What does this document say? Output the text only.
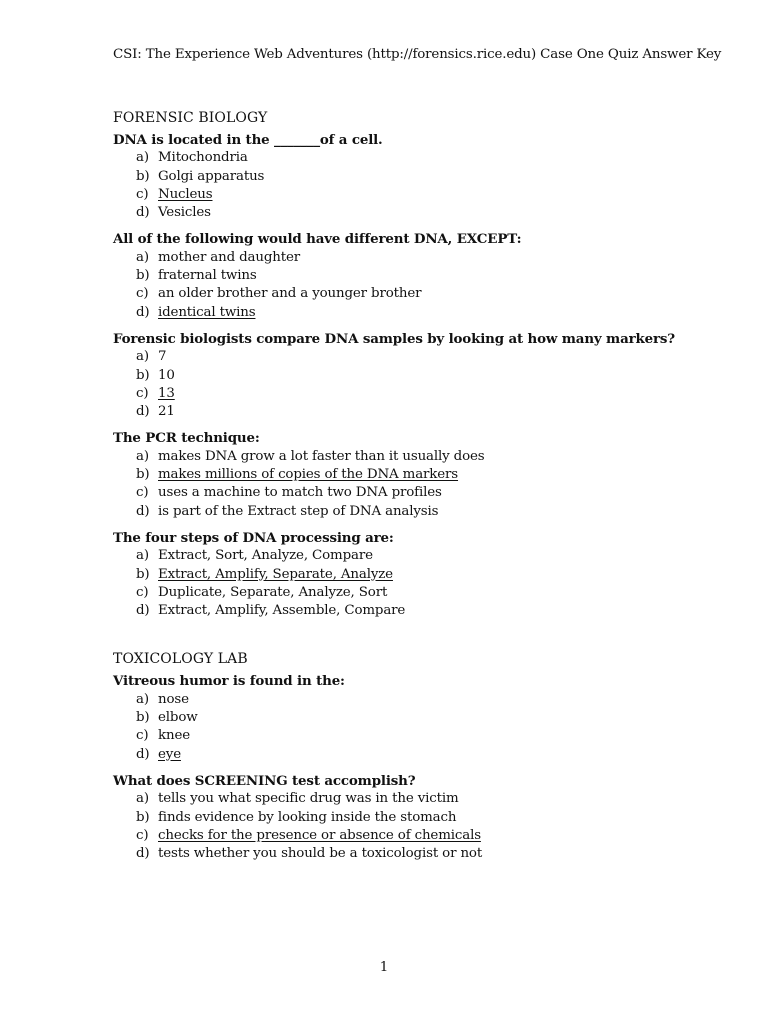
CSI: The Experience Web Adventures (http://forensics.rice.edu) Case One Quiz Answer Key
FORENSIC BIOLOGY
DNA is located in the _______of a cell.
a) Mitochondria
b) Golgi apparatus
c) Nucleus
d) Vesicles
All of the following would have different DNA, EXCEPT:
a) mother and daughter
b) fraternal twins
c) an older brother and a younger brother
d) identical twins
Forensic biologists compare DNA samples by looking at how many markers?
a) 7
b) 10
c) 13
d) 21
The PCR technique:
a) makes DNA grow a lot faster than it usually does
b) makes millions of copies of the DNA markers
c) uses a machine to match two DNA profiles
d) is part of the Extract step of DNA analysis
The four steps of DNA processing are:
a) Extract, Sort, Analyze, Compare
b) Extract, Amplify, Separate, Analyze
c) Duplicate, Separate, Analyze, Sort
d) Extract, Amplify, Assemble, Compare
TOXICOLOGY LAB
Vitreous humor is found in the:
a) nose
b) elbow
c) knee
d) eye
What does SCREENING test accomplish?
a) tells you what specific drug was in the victim
b) finds evidence by looking inside the stomach
c) checks for the presence or absence of chemicals
d) tests whether you should be a toxicologist or not
1
